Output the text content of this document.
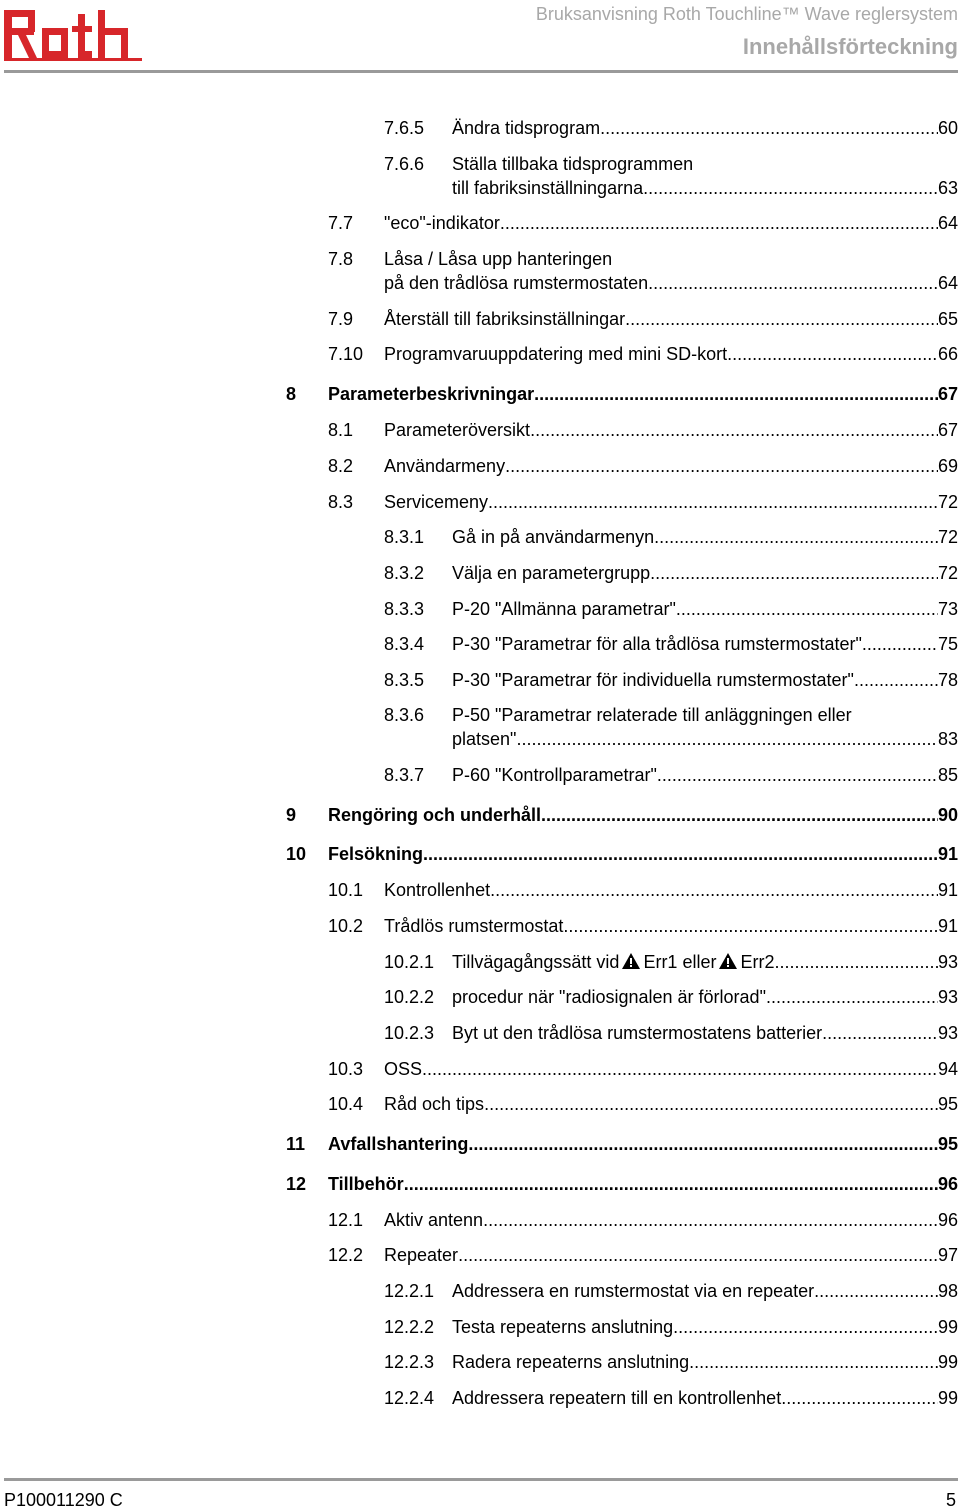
Bruksanvisning Roth Touchline™ Wave reglersystem
Innehållsförteckning
7.6.5 Ändra tidsprogram .....	60
7.6.6 Ställa tillbaka tidsprogrammen
till fabriksinställningarna .....	63
7.7 "eco"-indikator .....	64
7.8 Låsa / Låsa upp hanteringen
på den trådlösa rumstermostaten .....	64
7.9 Återställ till fabriksinställningar .....	65
7.10 Programvaruuppdatering med mini SD-kort .....	66
8 Parameterbeskrivningar .....	67
8.1 Parameteröversikt .....	67
8.2 Användarmeny .....	69
8.3 Servicemeny .....	72
8.3.1 Gå in på användarmenyn .....	72
8.3.2 Välja en parametergrupp .....	72
8.3.3 P-20 "Allmänna parametrar" .....	73
8.3.4 P-30 "Parametrar för alla trådlösa rumstermostater" .....	75
8.3.5 P-30 "Parametrar för individuella rumstermostater" .....	78
8.3.6 P-50 "Parametrar relaterade till anläggningen eller
platsen" .....	83
8.3.7 P-60 "Kontrollparametrar" .....	85
9 Rengöring och underhåll .....	90
10 Felsökning .....	91
10.1 Kontrollenhet .....	91
10.2 Trådlös rumstermostat .....	91
10.2.1 Tillvägagångssätt vid Err1 eller Err2 .....	93
10.2.2 procedur när "radiosignalen är förlorad" .....	93
10.2.3 Byt ut den trådlösa rumstermostatens batterier .....	93
10.3 OSS .....	94
10.4 Råd och tips .....	95
11 Avfallshantering .....	95
12 Tillbehör .....	96
12.1 Aktiv antenn .....	96
12.2 Repeater .....	97
12.2.1 Addressera en rumstermostat via en repeater .....	98
12.2.2 Testa repeaterns anslutning .....	99
12.2.3 Radera repeaterns anslutning .....	99
12.2.4 Addressera repeatern till en kontrollenhet .....	99
P100011290 C	5
